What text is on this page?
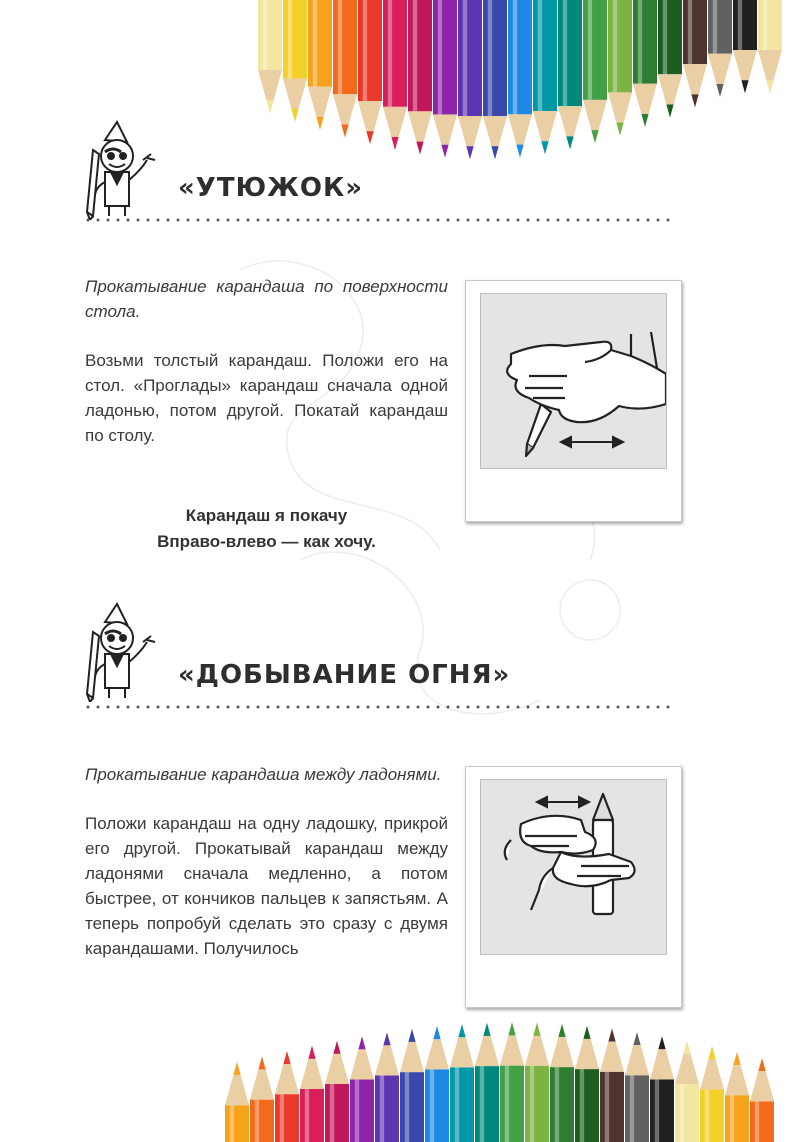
«УТЮЖОК»

Прокатывание карандаша по поверхности стола.

Возьми толстый карандаш. Положи его на стол. «Проглады» карандаш сначала одной ладонью, потом другой. Покатай карандаш по столу.

Карандаш я покачу
Вправо-влево — как хочу.
«ДОБЫВАНИЕ ОГНЯ»

Прокатывание карандаша между ладонями.

Положи карандаш на одну ладошку, прикрой его другой. Прокатывай карандаш между ладонями сначала медленно, а потом быстрее, от кончиков пальцев к запястьям. А теперь попробуй сделать это сразу с двумя карандашами. Получилось
